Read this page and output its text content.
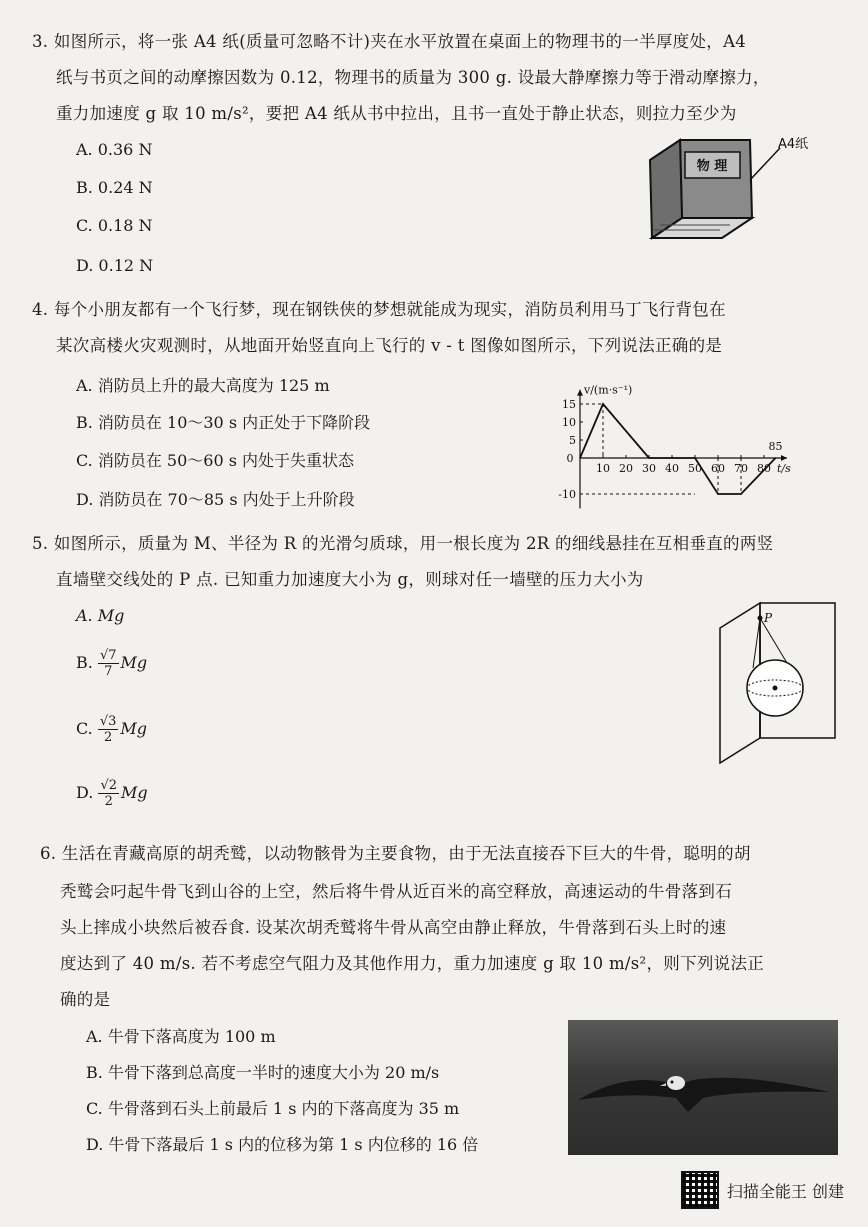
3. 如图所示，将一张 A4 纸(质量可忽略不计)夹在水平放置在桌面上的物理书的一半厚度处，A4
纸与书页之间的动摩擦因数为 0.12，物理书的质量为 300 g. 设最大静摩擦力等于滑动摩擦力，
重力加速度 g 取 10 m/s²，要把 A4 纸从书中拉出，且书一直处于静止状态，则拉力至少为
A. 0.36 N
B. 0.24 N
C. 0.18 N
D. 0.12 N
物 理
A4纸
4. 每个小朋友都有一个飞行梦，现在钢铁侠的梦想就能成为现实，消防员利用马丁飞行背包在
某次高楼火灾观测时，从地面开始竖直向上飞行的 v - t 图像如图所示，下列说法正确的是
A. 消防员上升的最大高度为 125 m
B. 消防员在 10～30 s 内正处于下降阶段
C. 消防员在 50～60 s 内处于失重状态
D. 消防员在 70～85 s 内处于上升阶段
v/(m·s⁻¹)
t/s
0
10 20 30 40 50 60 70 80
15
10
5
-10
85
5. 如图所示，质量为 M、半径为 R 的光滑匀质球，用一根长度为 2R 的细线悬挂在互相垂直的两竖
直墙壁交线处的 P 点. 已知重力加速度大小为 g，则球对任一墙壁的压力大小为
A. Mg
B. $\frac{√7}{7}$ Mg
C. $\frac{√3}{2}$ Mg
D. $\frac{√2}{2}$ Mg
P
6. 生活在青藏高原的胡秃鹫，以动物骸骨为主要食物，由于无法直接吞下巨大的牛骨，聪明的胡
秃鹫会叼起牛骨飞到山谷的上空，然后将牛骨从近百米的高空释放，高速运动的牛骨落到石
头上摔成小块然后被吞食. 设某次胡秃鹫将牛骨从高空由静止释放，牛骨落到石头上时的速
度达到了 40 m/s. 若不考虑空气阻力及其他作用力，重力加速度 g 取 10 m/s²，则下列说法正
确的是
A. 牛骨下落高度为 100 m
B. 牛骨下落到总高度一半时的速度大小为 20 m/s
C. 牛骨落到石头上前最后 1 s 内的下落高度为 35 m
D. 牛骨下落最后 1 s 内的位移为第 1 s 内位移的 16 倍
扫描全能王 创建
